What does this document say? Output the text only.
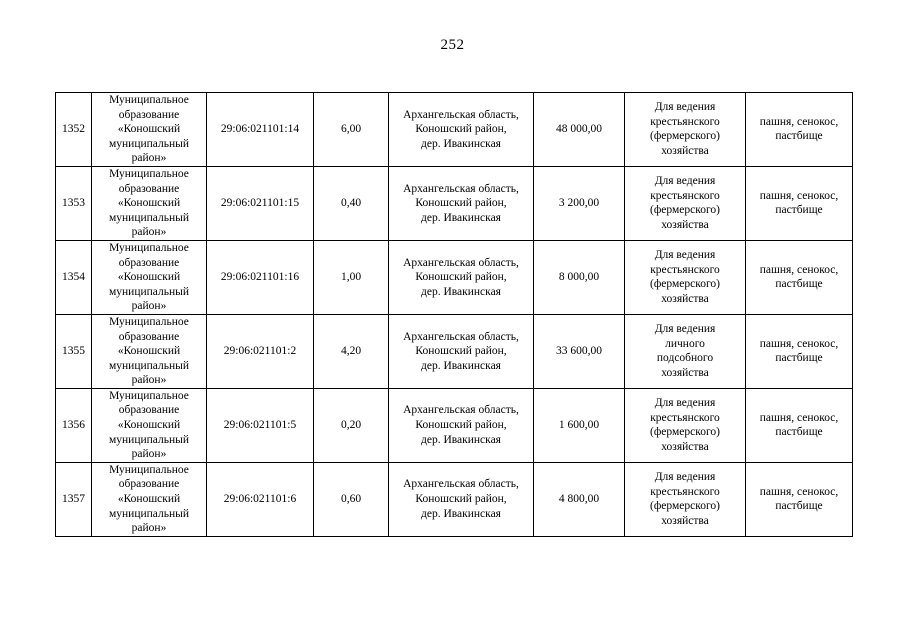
252
1352	Муниципальное
образование
«Коношский
муниципальный
район»	29:06:021101:14	6,00	Архангельская область,
Коношский район,
дер. Ивакинская	48 000,00	Для ведения
крестьянского
(фермерского)
хозяйства	пашня, сенокос,
пастбище
1353	Муниципальное
образование
«Коношский
муниципальный
район»	29:06:021101:15	0,40	Архангельская область,
Коношский район,
дер. Ивакинская	3 200,00	Для ведения
крестьянского
(фермерского)
хозяйства	пашня, сенокос,
пастбище
1354	Муниципальное
образование
«Коношский
муниципальный
район»	29:06:021101:16	1,00	Архангельская область,
Коношский район,
дер. Ивакинская	8 000,00	Для ведения
крестьянского
(фермерского)
хозяйства	пашня, сенокос,
пастбище
1355	Муниципальное
образование
«Коношский
муниципальный
район»	29:06:021101:2	4,20	Архангельская область,
Коношский район,
дер. Ивакинская	33 600,00	Для ведения
личного
подсобного
хозяйства	пашня, сенокос,
пастбище
1356	Муниципальное
образование
«Коношский
муниципальный
район»	29:06:021101:5	0,20	Архангельская область,
Коношский район,
дер. Ивакинская	1 600,00	Для ведения
крестьянского
(фермерского)
хозяйства	пашня, сенокос,
пастбище
1357	Муниципальное
образование
«Коношский
муниципальный
район»	29:06:021101:6	0,60	Архангельская область,
Коношский район,
дер. Ивакинская	4 800,00	Для ведения
крестьянского
(фермерского)
хозяйства	пашня, сенокос,
пастбище
